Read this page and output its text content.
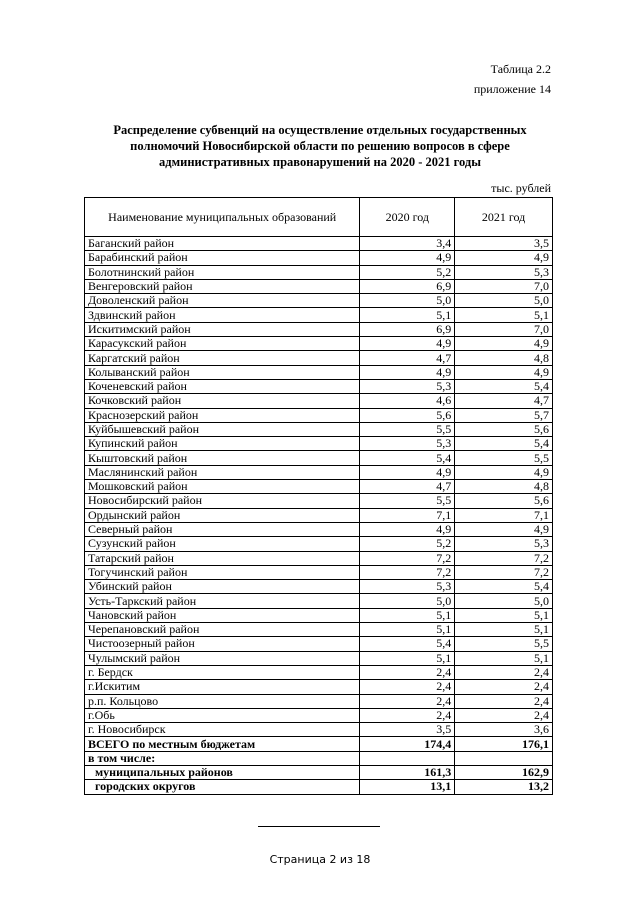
Таблица 2.2
приложение 14
Распределение субвенций на осуществление отдельных государственных полномочий Новосибирской области по решению вопросов в сфере административных правонарушений на 2020 - 2021 годы
тыс. рублей
Наименование муниципальных образований	2020 год	2021 год
Баганский район	3,4	3,5
Барабинский район	4,9	4,9
Болотнинский район	5,2	5,3
Венгеровский район	6,9	7,0
Доволенский район	5,0	5,0
Здвинский район	5,1	5,1
Искитимский район	6,9	7,0
Карасукский район	4,9	4,9
Каргатский район	4,7	4,8
Колыванский район	4,9	4,9
Коченевский район	5,3	5,4
Кочковский район	4,6	4,7
Краснозерский район	5,6	5,7
Куйбышевский район	5,5	5,6
Купинский район	5,3	5,4
Кыштовский район	5,4	5,5
Маслянинский район	4,9	4,9
Мошковский район	4,7	4,8
Новосибирский район	5,5	5,6
Ордынский район	7,1	7,1
Северный район	4,9	4,9
Сузунский район	5,2	5,3
Татарский район	7,2	7,2
Тогучинский район	7,2	7,2
Убинский район	5,3	5,4
Усть-Таркский район	5,0	5,0
Чановский район	5,1	5,1
Черепановский район	5,1	5,1
Чистоозерный район	5,4	5,5
Чулымский район	5,1	5,1
г. Бердск	2,4	2,4
г.Искитим	2,4	2,4
р.п. Кольцово	2,4	2,4
г.Обь	2,4	2,4
г. Новосибирск	3,5	3,6
ВСЕГО по местным бюджетам	174,4	176,1
в том числе:		
муниципальных районов	161,3	162,9
городских округов	13,1	13,2
Страница 2 из 18
